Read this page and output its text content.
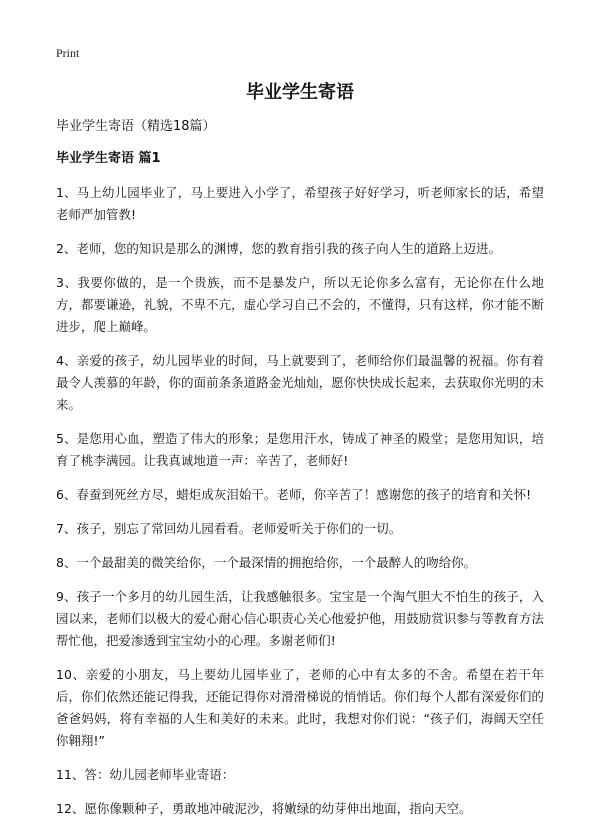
Print

毕业学生寄语

毕业学生寄语（精选18篇）

毕业学生寄语 篇1

1、马上幼儿园毕业了，马上要进入小学了，希望孩子好好学习，听老师家长的话，希望老师严加管教!

2、老师，您的知识是那么的渊博，您的教育指引我的孩子向人生的道路上迈进。

3、我要你做的，是一个贵族，而不是暴发户，所以无论你多么富有，无论你在什么地方，都要谦逊，礼貌，不卑不亢，虚心学习自己不会的，不懂得，只有这样，你才能不断进步，爬上巅峰。

4、亲爱的孩子，幼儿园毕业的时间，马上就要到了，老师给你们最温馨的祝福。你有着最令人羡慕的年龄，你的面前条条道路金光灿灿，愿你快快成长起来，去获取你光明的未来。

5、是您用心血，塑造了伟大的形象；是您用汗水，铸成了神圣的殿堂；是您用知识，培育了桃李满园。让我真诚地道一声：辛苦了，老师好!

6、春蚕到死丝方尽，蜡炬成灰泪始干。老师，你辛苦了！感谢您的孩子的培育和关怀!

7、孩子，别忘了常回幼儿园看看。老师爱听关于你们的一切。

8、一个最甜美的微笑给你，一个最深情的拥抱给你，一个最醉人的吻给你。

9、孩子一个多月的幼儿园生活，让我感触很多。宝宝是一个淘气胆大不怕生的孩子，入园以来，老师们以极大的爱心耐心信心职责心关心他爱护他，用鼓励赏识参与等教育方法帮忙他，把爱渗透到宝宝幼小的心理。多谢老师们!

10、亲爱的小朋友，马上要幼儿园毕业了，老师的心中有太多的不舍。希望在若干年后，你们依然还能记得我，还能记得你对滑滑梯说的悄悄话。你们每个人都有深爱你们的爸爸妈妈，将有幸福的人生和美好的未来。此时，我想对你们说：“孩子们，海阔天空任你翱翔!”

11、答：幼儿园老师毕业寄语：

12、愿你像颗种子，勇敢地冲破泥沙，将嫩绿的幼芽伸出地面，指向天空。
